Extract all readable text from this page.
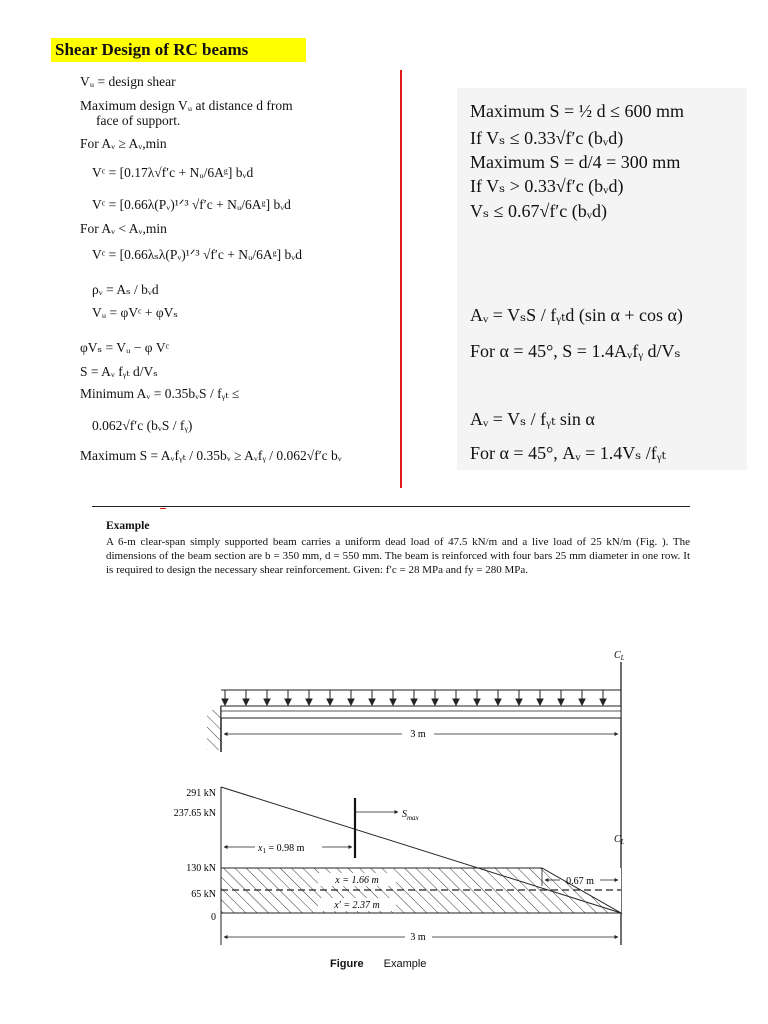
Shear Design of RC beams
Vᵤ = design shear
Maximum design Vᵤ at distance d from
face of support.
For Aᵥ ≥ Aᵥ,min
Vᶜ = [0.17λ√f′c + Nᵤ/6Aᵍ] bᵥd
Vᶜ = [0.66λ(Pᵥ)¹ᐟ³ √f′c + Nᵤ/6Aᵍ] bᵥd
For Aᵥ < Aᵥ,min
Vᶜ = [0.66λₛλ(Pᵥ)¹ᐟ³ √f′c + Nᵤ/6Aᵍ] bᵥd
ρᵥ = Aₛ / bᵥd
Vᵤ = φVᶜ + φVₛ
φVₛ = Vᵤ − φ Vᶜ
S = Aᵥ fᵧₜ d/Vₛ
Minimum Aᵥ = 0.35bᵥS / fᵧₜ ≤
0.062√f′c (bᵥS / fᵧ)
Maximum S = Aᵥfᵧₜ / 0.35bᵥ ≥ Aᵥfᵧ / 0.062√f′c bᵥ
Maximum S = ½ d ≤ 600 mm
If Vₛ ≤ 0.33√f′c (bᵥd)
Maximum S = d/4 = 300 mm
If Vₛ > 0.33√f′c (bᵥd)
Vₛ ≤ 0.67√f′c (bᵥd)
Aᵥ = VₛS / fᵧₜd (sin α + cos α)
For α = 45°, S = 1.4Aᵥfᵧ d/Vₛ
Aᵥ = Vₛ / fᵧₜ sin α
For α = 45°, Aᵥ = 1.4Vₛ /fᵧₜ
Example
A 6-m clear-span simply supported beam carries a uniform dead load of 47.5 kN/m and a live load of 25 kN/m (Fig. ). The dimensions of the beam section are b = 350 mm, d = 550 mm. The beam is reinforced with four bars 25 mm diameter in one row. It is required to design the necessary shear reinforcement. Given: f′c = 28 MPa and fy = 280 MPa.
$C_L$
$C_L$
3 m
291 kN
237.65 kN
130 kN
65 kN
0
$S_{max}$
$x_1 = 0.98$ m
x = 1.66 m
x′ = 2.37 m
0.67 m
3 m
Figure Example
